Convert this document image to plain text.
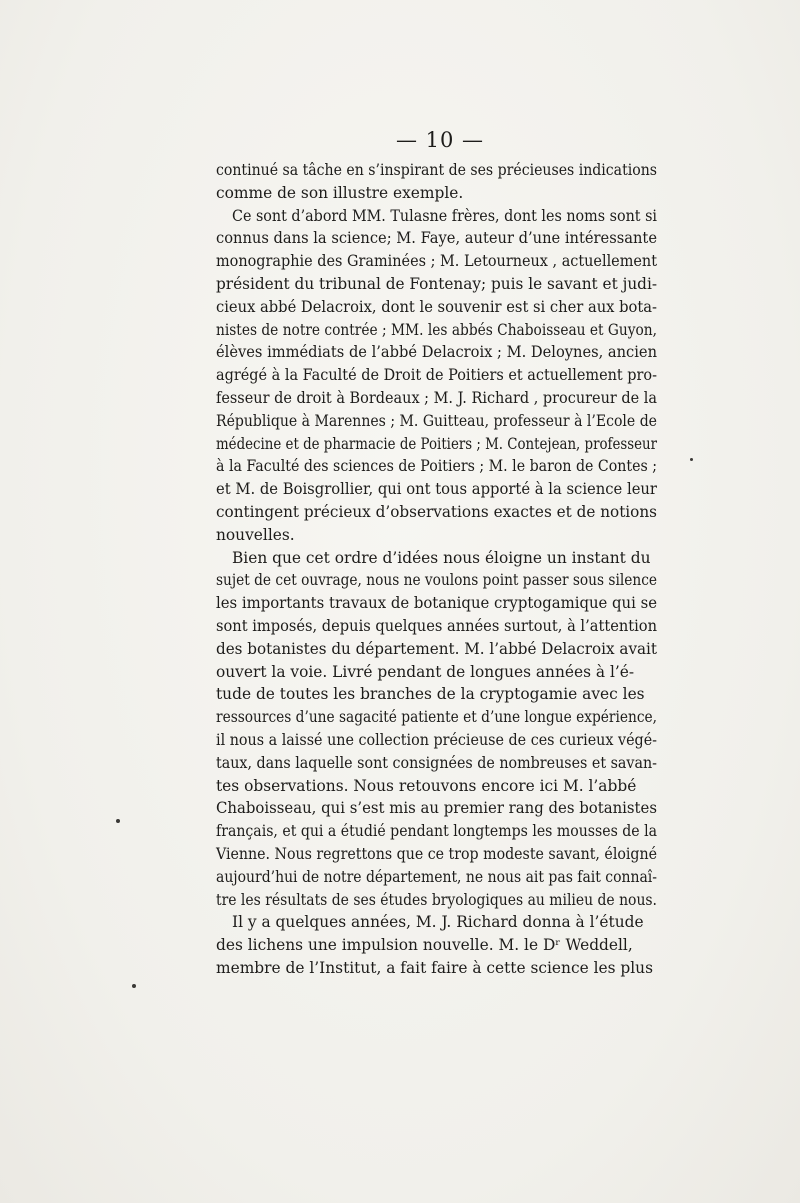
— 10 —
continué sa tâche en s’inspirant de ses précieuses indications
comme de son illustre exemple.
Ce sont d’abord MM. Tulasne frères, dont les noms sont si
connus dans la science; M. Faye, auteur d’une intéressante
monographie des Graminées ; M. Letourneux , actuellement
président du tribunal de Fontenay; puis le savant et judi-
cieux abbé Delacroix, dont le souvenir est si cher aux bota-
nistes de notre contrée ; MM. les abbés Chaboisseau et Guyon,
élèves immédiats de l’abbé Delacroix ; M. Deloynes, ancien
agrégé à la Faculté de Droit de Poitiers et actuellement pro-
fesseur de droit à Bordeaux ; M. J. Richard , procureur de la
République à Marennes ; M. Guitteau, professeur à l’Ecole de
médecine et de pharmacie de Poitiers ; M. Contejean, professeur
à la Faculté des sciences de Poitiers ; M. le baron de Contes ;
et M. de Boisgrollier, qui ont tous apporté à la science leur
contingent précieux d’observations exactes et de notions
nouvelles.
Bien que cet ordre d’idées nous éloigne un instant du
sujet de cet ouvrage, nous ne voulons point passer sous silence
les importants travaux de botanique cryptogamique qui se
sont imposés, depuis quelques années surtout, à l’attention
des botanistes du département. M. l’abbé Delacroix avait
ouvert la voie. Livré pendant de longues années à l’é-
tude de toutes les branches de la cryptogamie avec les
ressources d’une sagacité patiente et d’une longue expérience,
il nous a laissé une collection précieuse de ces curieux végé-
taux, dans laquelle sont consignées de nombreuses et savan-
tes observations. Nous retouvons encore ici M. l’abbé
Chaboisseau, qui s’est mis au premier rang des botanistes
français, et qui a étudié pendant longtemps les mousses de la
Vienne. Nous regrettons que ce trop modeste savant, éloigné
aujourd’hui de notre département, ne nous ait pas fait connaî-
tre les résultats de ses études bryologiques au milieu de nous.
Il y a quelques années, M. J. Richard donna à l’étude
des lichens une impulsion nouvelle. M. le Dʳ Weddell,
membre de l’Institut, a fait faire à cette science les plus
